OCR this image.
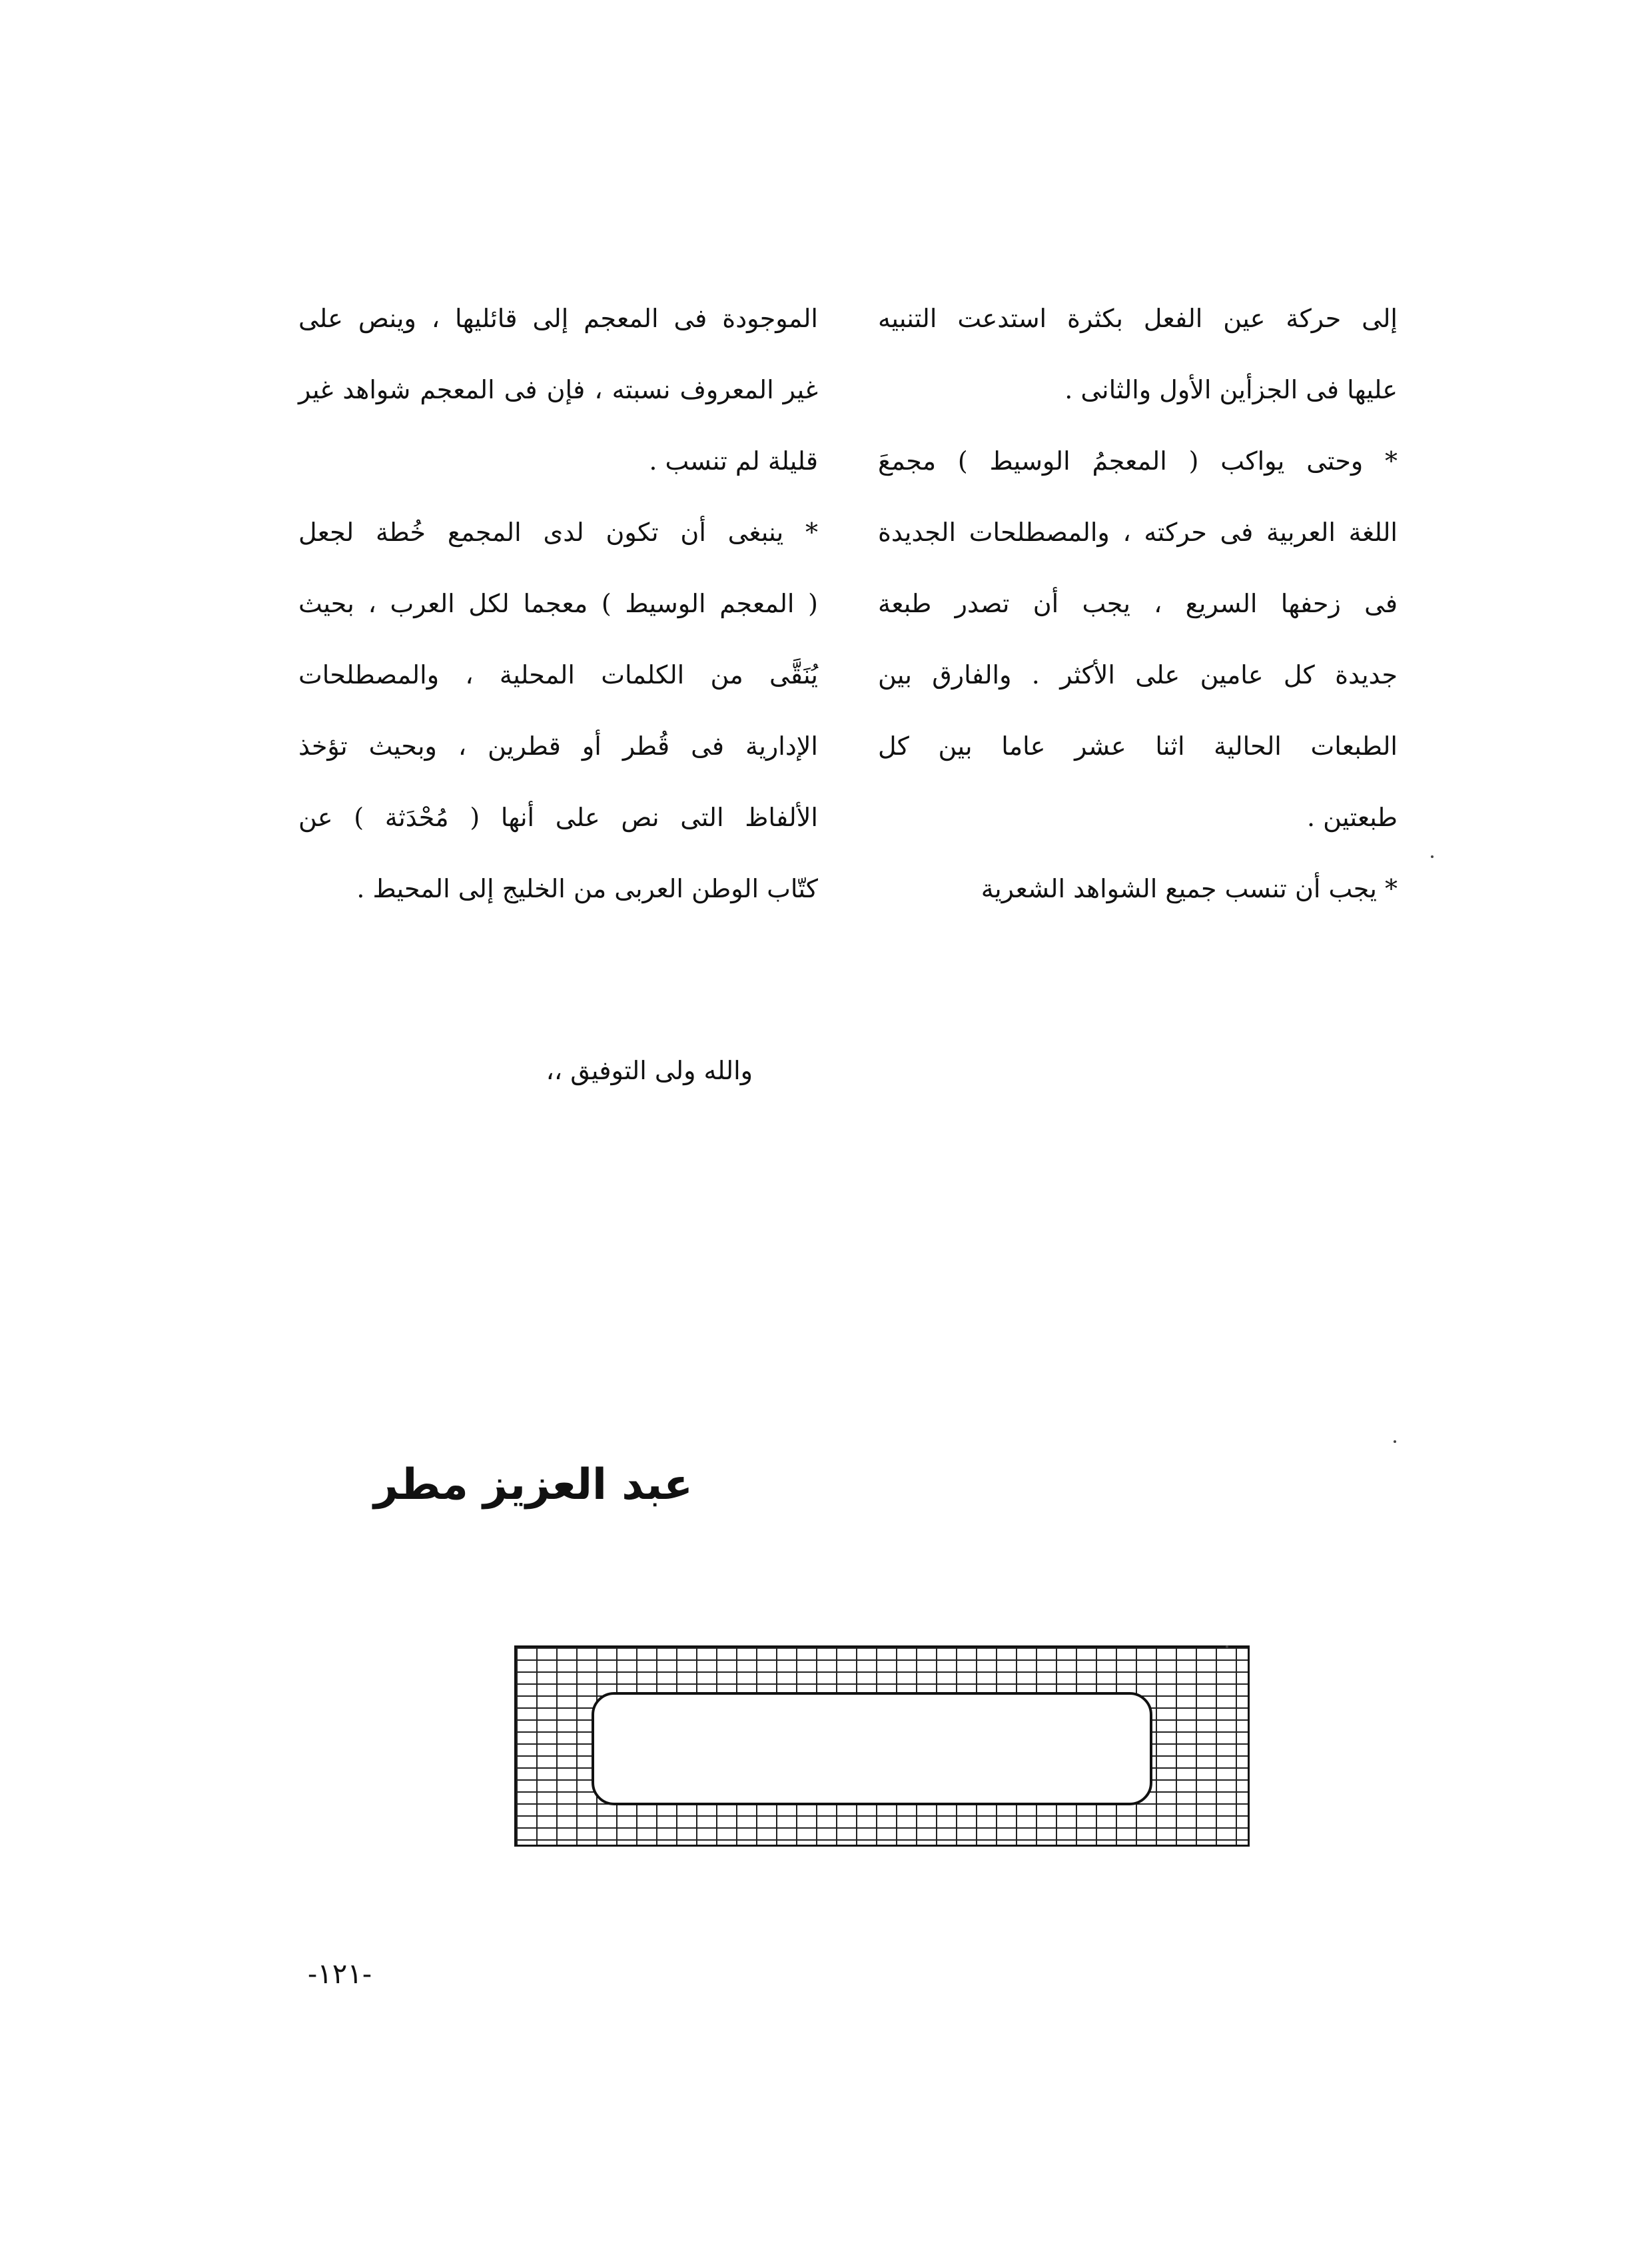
إلى حركة عين الفعل بكثرة استدعت التنبيه
عليها فى الجزأين الأول والثانى .
* وحتى يواكب ( المعجمُ الوسيط ) مجمعَ
اللغة العربية فى حركته ، والمصطلحات الجديدة
فى زحفها السريع ، يجب أن تصدر طبعة
جديدة كل عامين على الأكثر . والفارق بين
الطبعات الحالية اثنا عشر عاما بين كل
طبعتين .
* يجب أن تنسب جميع الشواهد الشعرية
الموجودة فى المعجم إلى قائليها ، وينص على
غير المعروف نسبته ، فإن فى المعجم شواهد غير
قليلة لم تنسب .
* ينبغى أن تكون لدى المجمع خُطة لجعل
( المعجم الوسيط ) معجما لكل العرب ، بحيث
يُنَقَّى من الكلمات المحلية ، والمصطلحات
الإدارية فى قُطر أو قطرين ، وبحيث تؤخذ
الألفاظ التى نص على أنها ( مُحْدَثة ) عن
كتّاب الوطن العربى من الخليج إلى المحيط .
والله ولى التوفيق ،،
عبد العزيز مطر
-١٢١-
